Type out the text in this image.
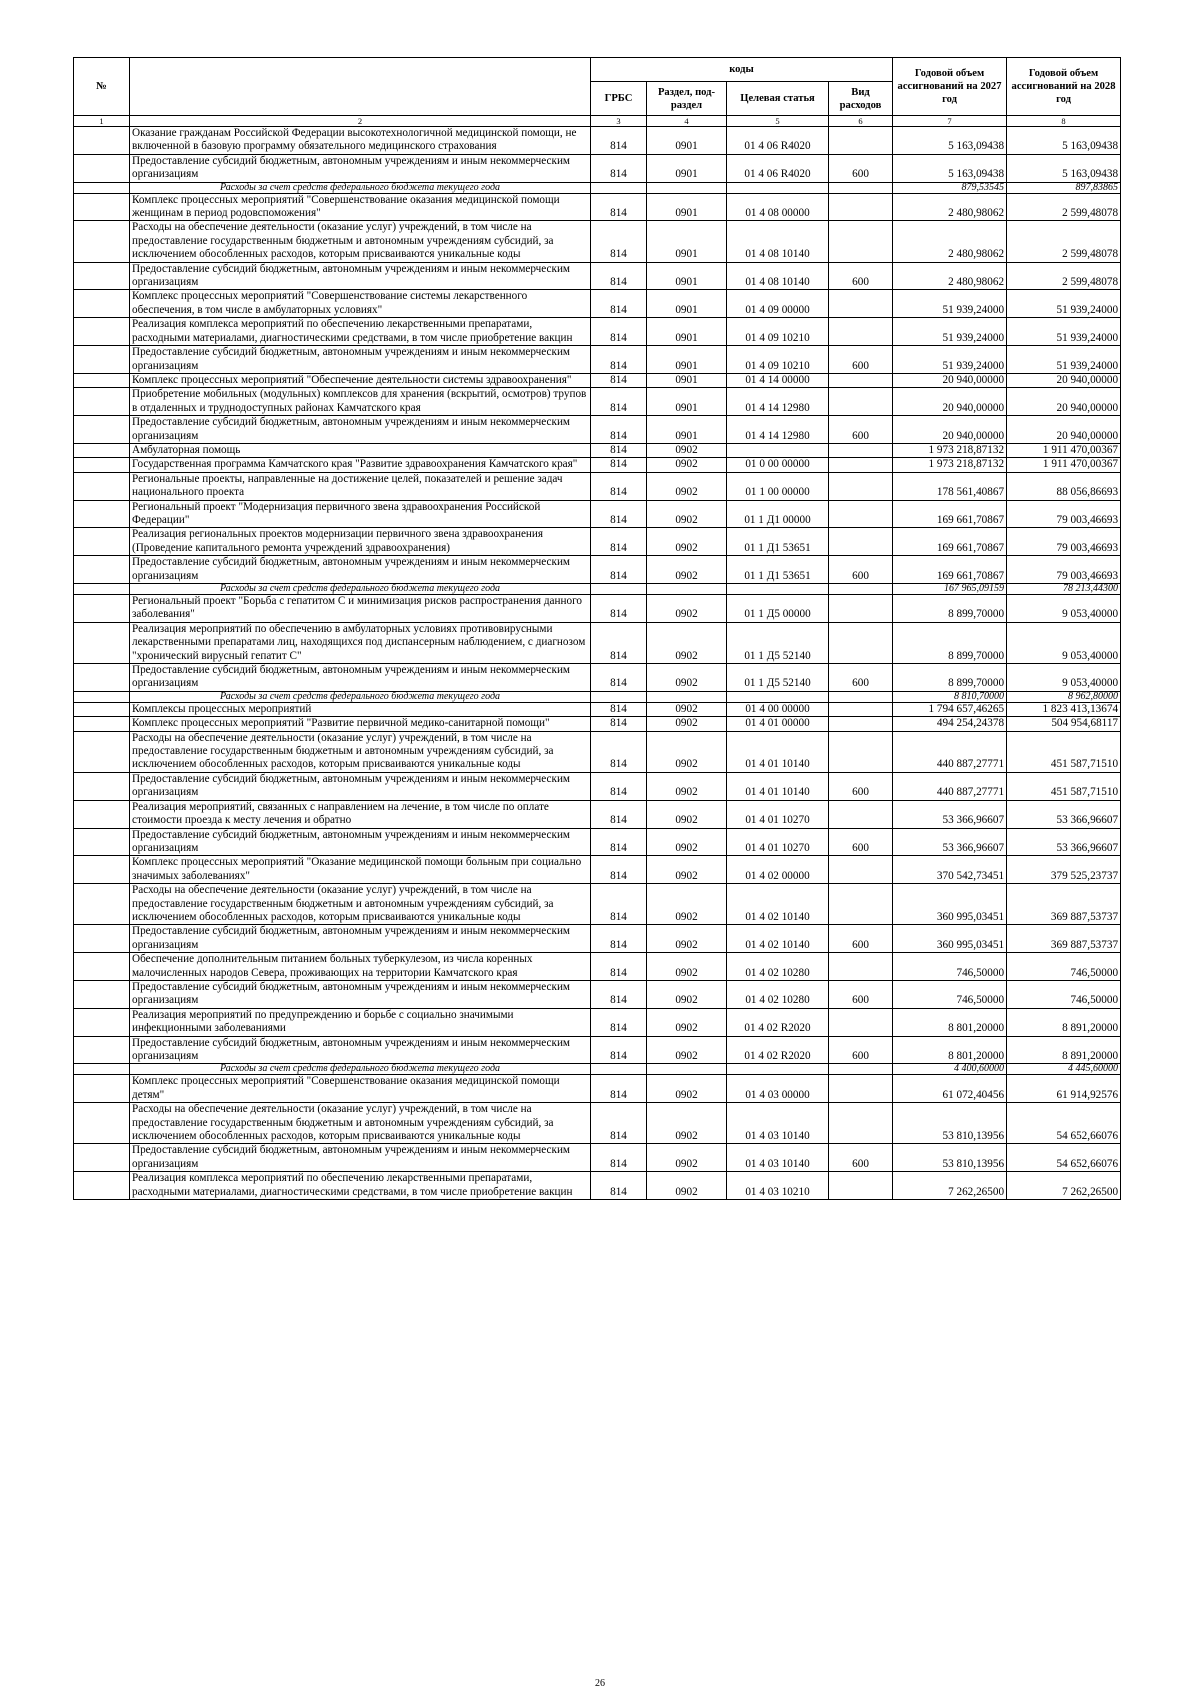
№		коды				Годовой объем ассигнований на 2027 год	Годовой объем ассигнований на 2028 год
		ГРБС	Раздел, под-раздел	Целевая статья	Вид расходов		
1	2	3	4	5	6	7	8
	Оказание гражданам Российской Федерации высокотехнологичной медицинской помощи, не включенной в базовую программу обязательного медицинского страхования	814	0901	01 4 06 R4020		5 163,09438	5 163,09438
	Предоставление субсидий бюджетным, автономным учреждениям и иным некоммерческим организациям	814	0901	01 4 06 R4020	600	5 163,09438	5 163,09438
	Расходы за счет средств федерального бюджета текущего года					879,53545	897,83865
	Комплекс процессных мероприятий "Совершенствование оказания медицинской помощи женщинам в период родовспоможения"	814	0901	01 4 08 00000		2 480,98062	2 599,48078
	Расходы на обеспечение деятельности (оказание услуг) учреждений, в том числе на предоставление государственным бюджетным и автономным учреждениям субсидий, за исключением обособленных расходов, которым присваиваются уникальные коды	814	0901	01 4 08 10140		2 480,98062	2 599,48078
	Предоставление субсидий бюджетным, автономным учреждениям и иным некоммерческим организациям	814	0901	01 4 08 10140	600	2 480,98062	2 599,48078
	Комплекс процессных мероприятий "Совершенствование системы лекарственного обеспечения, в том числе в амбулаторных условиях"	814	0901	01 4 09 00000		51 939,24000	51 939,24000
	Реализация комплекса мероприятий по обеспечению лекарственными препаратами, расходными материалами, диагностическими средствами, в том числе приобретение вакцин	814	0901	01 4 09 10210		51 939,24000	51 939,24000
	Предоставление субсидий бюджетным, автономным учреждениям и иным некоммерческим организациям	814	0901	01 4 09 10210	600	51 939,24000	51 939,24000
	Комплекс процессных мероприятий "Обеспечение деятельности системы здравоохранения"	814	0901	01 4 14 00000		20 940,00000	20 940,00000
	Приобретение мобильных (модульных) комплексов для хранения (вскрытий, осмотров) трупов в отдаленных и труднодоступных районах Камчатского края	814	0901	01 4 14 12980		20 940,00000	20 940,00000
	Предоставление субсидий бюджетным, автономным учреждениям и иным некоммерческим организациям	814	0901	01 4 14 12980	600	20 940,00000	20 940,00000
	Амбулаторная помощь	814	0902			1 973 218,87132	1 911 470,00367
	Государственная программа Камчатского края "Развитие здравоохранения Камчатского края"	814	0902	01 0 00 00000		1 973 218,87132	1 911 470,00367
	Региональные проекты, направленные на достижение целей, показателей и решение задач национального проекта	814	0902	01 1 00 00000		178 561,40867	88 056,86693
	Региональный проект "Модернизация первичного звена здравоохранения Российской Федерации"	814	0902	01 1 Д1 00000		169 661,70867	79 003,46693
	Реализация региональных проектов модернизации первичного звена здравоохранения (Проведение капитального ремонта учреждений здравоохранения)	814	0902	01 1 Д1 53651		169 661,70867	79 003,46693
	Предоставление субсидий бюджетным, автономным учреждениям и иным некоммерческим организациям	814	0902	01 1 Д1 53651	600	169 661,70867	79 003,46693
	Расходы за счет средств федерального бюджета текущего года					167 965,09159	78 213,44300
	Региональный проект "Борьба с гепатитом С и минимизация рисков распространения данного заболевания"	814	0902	01 1 Д5 00000		8 899,70000	9 053,40000
	Реализация мероприятий по обеспечению в амбулаторных условиях противовирусными лекарственными препаратами лиц, находящихся под диспансерным наблюдением, с диагнозом "хронический вирусный гепатит С"	814	0902	01 1 Д5 52140		8 899,70000	9 053,40000
	Предоставление субсидий бюджетным, автономным учреждениям и иным некоммерческим организациям	814	0902	01 1 Д5 52140	600	8 899,70000	9 053,40000
	Расходы за счет средств федерального бюджета текущего года					8 810,70000	8 962,80000
	Комплексы процессных мероприятий	814	0902	01 4 00 00000		1 794 657,46265	1 823 413,13674
	Комплекс процессных мероприятий "Развитие первичной медико-санитарной помощи"	814	0902	01 4 01 00000		494 254,24378	504 954,68117
	Расходы на обеспечение деятельности (оказание услуг) учреждений, в том числе на предоставление государственным бюджетным и автономным учреждениям субсидий, за исключением обособленных расходов, которым присваиваются уникальные коды	814	0902	01 4 01 10140		440 887,27771	451 587,71510
	Предоставление субсидий бюджетным, автономным учреждениям и иным некоммерческим организациям	814	0902	01 4 01 10140	600	440 887,27771	451 587,71510
	Реализация мероприятий, связанных с направлением на лечение, в том числе по оплате стоимости проезда к месту лечения и обратно	814	0902	01 4 01 10270		53 366,96607	53 366,96607
	Предоставление субсидий бюджетным, автономным учреждениям и иным некоммерческим организациям	814	0902	01 4 01 10270	600	53 366,96607	53 366,96607
	Комплекс процессных мероприятий "Оказание медицинской помощи больным при социально значимых заболеваниях"	814	0902	01 4 02 00000		370 542,73451	379 525,23737
	Расходы на обеспечение деятельности (оказание услуг) учреждений, в том числе на предоставление государственным бюджетным и автономным учреждениям субсидий, за исключением обособленных расходов, которым присваиваются уникальные коды	814	0902	01 4 02 10140		360 995,03451	369 887,53737
	Предоставление субсидий бюджетным, автономным учреждениям и иным некоммерческим организациям	814	0902	01 4 02 10140	600	360 995,03451	369 887,53737
	Обеспечение дополнительным питанием больных туберкулезом, из числа коренных малочисленных народов Севера, проживающих на территории Камчатского края	814	0902	01 4 02 10280		746,50000	746,50000
	Предоставление субсидий бюджетным, автономным учреждениям и иным некоммерческим организациям	814	0902	01 4 02 10280	600	746,50000	746,50000
	Реализация мероприятий по предупреждению и борьбе с социально значимыми инфекционными заболеваниями	814	0902	01 4 02 R2020		8 801,20000	8 891,20000
	Предоставление субсидий бюджетным, автономным учреждениям и иным некоммерческим организациям	814	0902	01 4 02 R2020	600	8 801,20000	8 891,20000
	Расходы за счет средств федерального бюджета текущего года					4 400,60000	4 445,60000
	Комплекс процессных мероприятий "Совершенствование оказания медицинской помощи детям"	814	0902	01 4 03 00000		61 072,40456	61 914,92576
	Расходы на обеспечение деятельности (оказание услуг) учреждений, в том числе на предоставление государственным бюджетным и автономным учреждениям субсидий, за исключением обособленных расходов, которым присваиваются уникальные коды	814	0902	01 4 03 10140		53 810,13956	54 652,66076
	Предоставление субсидий бюджетным, автономным учреждениям и иным некоммерческим организациям	814	0902	01 4 03 10140	600	53 810,13956	54 652,66076
	Реализация комплекса мероприятий по обеспечению лекарственными препаратами, расходными материалами, диагностическими средствами, в том числе приобретение вакцин	814	0902	01 4 03 10210		7 262,26500	7 262,26500
26
